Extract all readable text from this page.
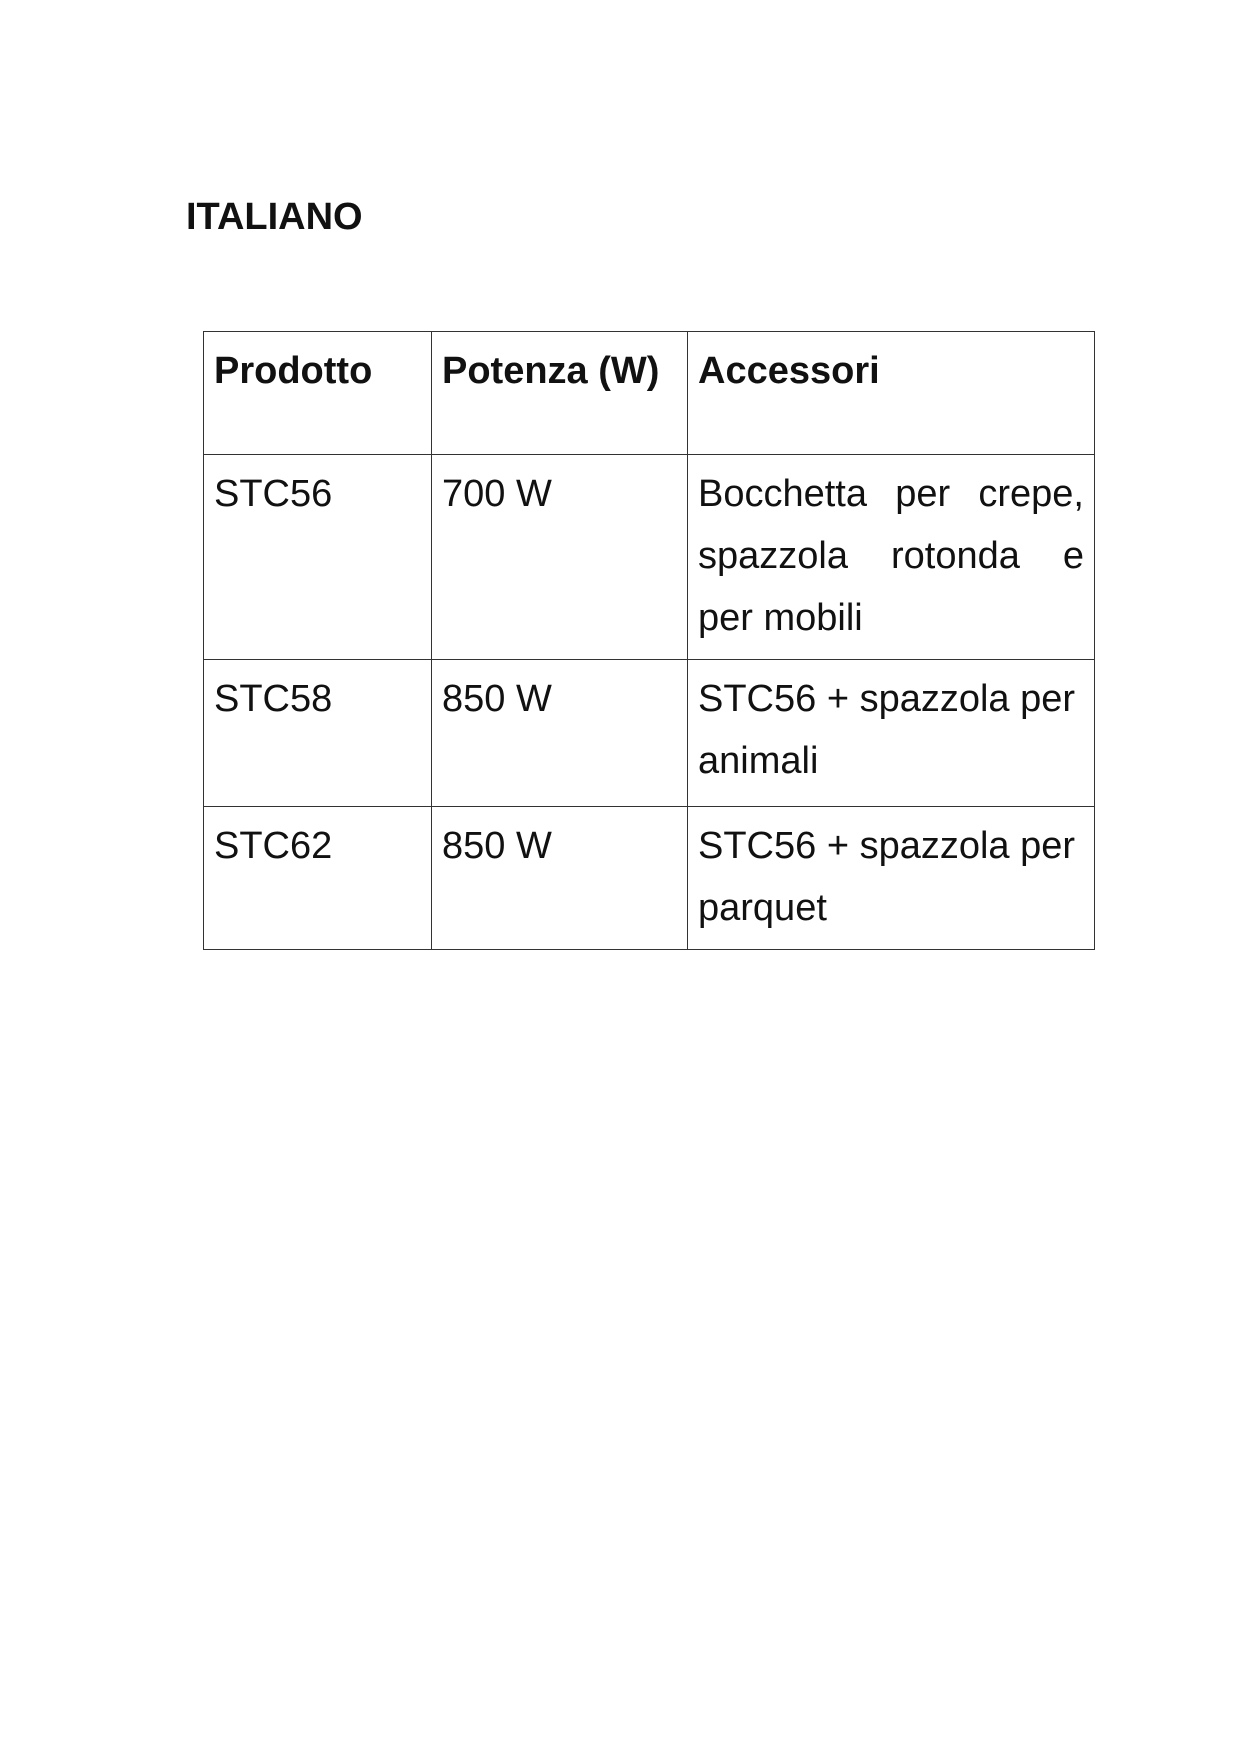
ITALIANO
Prodotto	Potenza (W)	Accessori
STC56	700 W	Bocchetta per crepe, spazzola rotonda e per mobili
STC58	850 W	STC56 + spazzola per animali
STC62	850 W	STC56 + spazzola per parquet
